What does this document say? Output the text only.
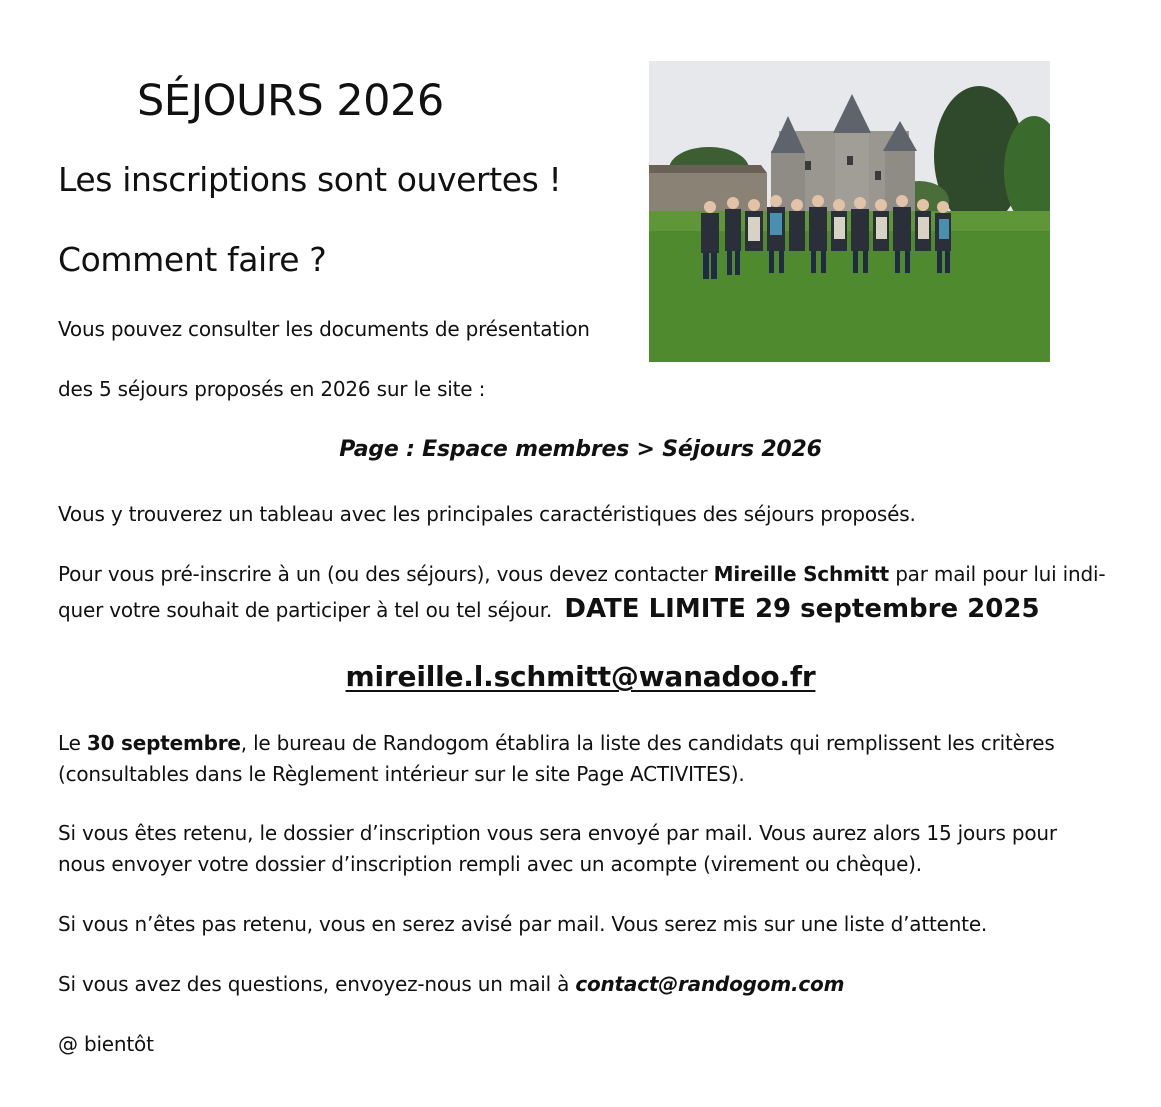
SÉJOURS 2026
Les inscriptions sont ouvertes !
Comment faire ?
Vous pouvez consulter les documents de présentation
des 5 séjours proposés en 2026 sur le site :
Page : Espace membres > Séjours 2026
Vous y trouverez un tableau avec les principales caractéristiques des séjours proposés.
Pour vous pré-inscrire à un (ou des séjours), vous devez contacter Mireille Schmitt par mail pour lui indi-
quer votre souhait de participer à tel ou tel séjour. DATE LIMITE 29 septembre 2025
mireille.l.schmitt@wanadoo.fr
Le 30 septembre, le bureau de Randogom établira la liste des candidats qui remplissent les critères
(consultables dans le Règlement intérieur sur le site Page ACTIVITES).
Si vous êtes retenu, le dossier d’inscription vous sera envoyé par mail. Vous aurez alors 15 jours pour
nous envoyer votre dossier d’inscription rempli avec un acompte (virement ou chèque).
Si vous n’êtes pas retenu, vous en serez avisé par mail. Vous serez mis sur une liste d’attente.
Si vous avez des questions, envoyez-nous un mail à contact@randogom.com
@ bientôt
